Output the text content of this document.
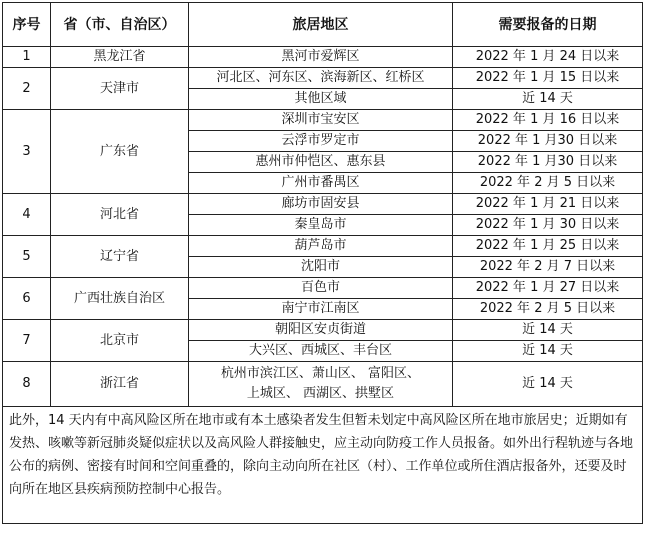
序号	省（市、自治区）	旅居地区	需要报备的日期
1	黑龙江省	黑河市爱辉区	2022 年 1 月 24 日以来
2	天津市	河北区、河东区、滨海新区、红桥区	2022 年 1 月 15 日以来
		其他区域	近 14 天
3	广东省	深圳市宝安区	2022 年 1 月 16 日以来
		云浮市罗定市	2022 年 1 月30 日以来
		惠州市仲恺区、惠东县	2022 年 1 月30 日以来
		广州市番禺区	2022 年 2 月 5 日以来
4	河北省	廊坊市固安县	2022 年 1 月 21 日以来
		秦皇岛市	2022 年 1 月 30 日以来
5	辽宁省	葫芦岛市	2022 年 1 月 25 日以来
		沈阳市	2022 年 2 月 7 日以来
6	广西壮族自治区	百色市	2022 年 1 月 27 日以来
		南宁市江南区	2022 年 2 月 5 日以来
7	北京市	朝阳区安贞街道	近 14 天
		大兴区、西城区、丰台区	近 14 天
8	浙江省	杭州市滨江区、萧山区、 富阳区、上城区、 西湖区、拱墅区	近 14 天
此外，14 天内有中高风险区所在地市或有本土感染者发生但暂未划定中高风险区所在地市旅居史；近期如有发热、咳嗽等新冠肺炎疑似症状以及高风险人群接触史，应主动向防疫工作人员报备。如外出行程轨迹与各地公布的病例、密接有时间和空间重叠的，除向主动向所在社区（村）、工作单位或所住酒店报备外，还要及时向所在地区县疾病预防控制中心报告。			
